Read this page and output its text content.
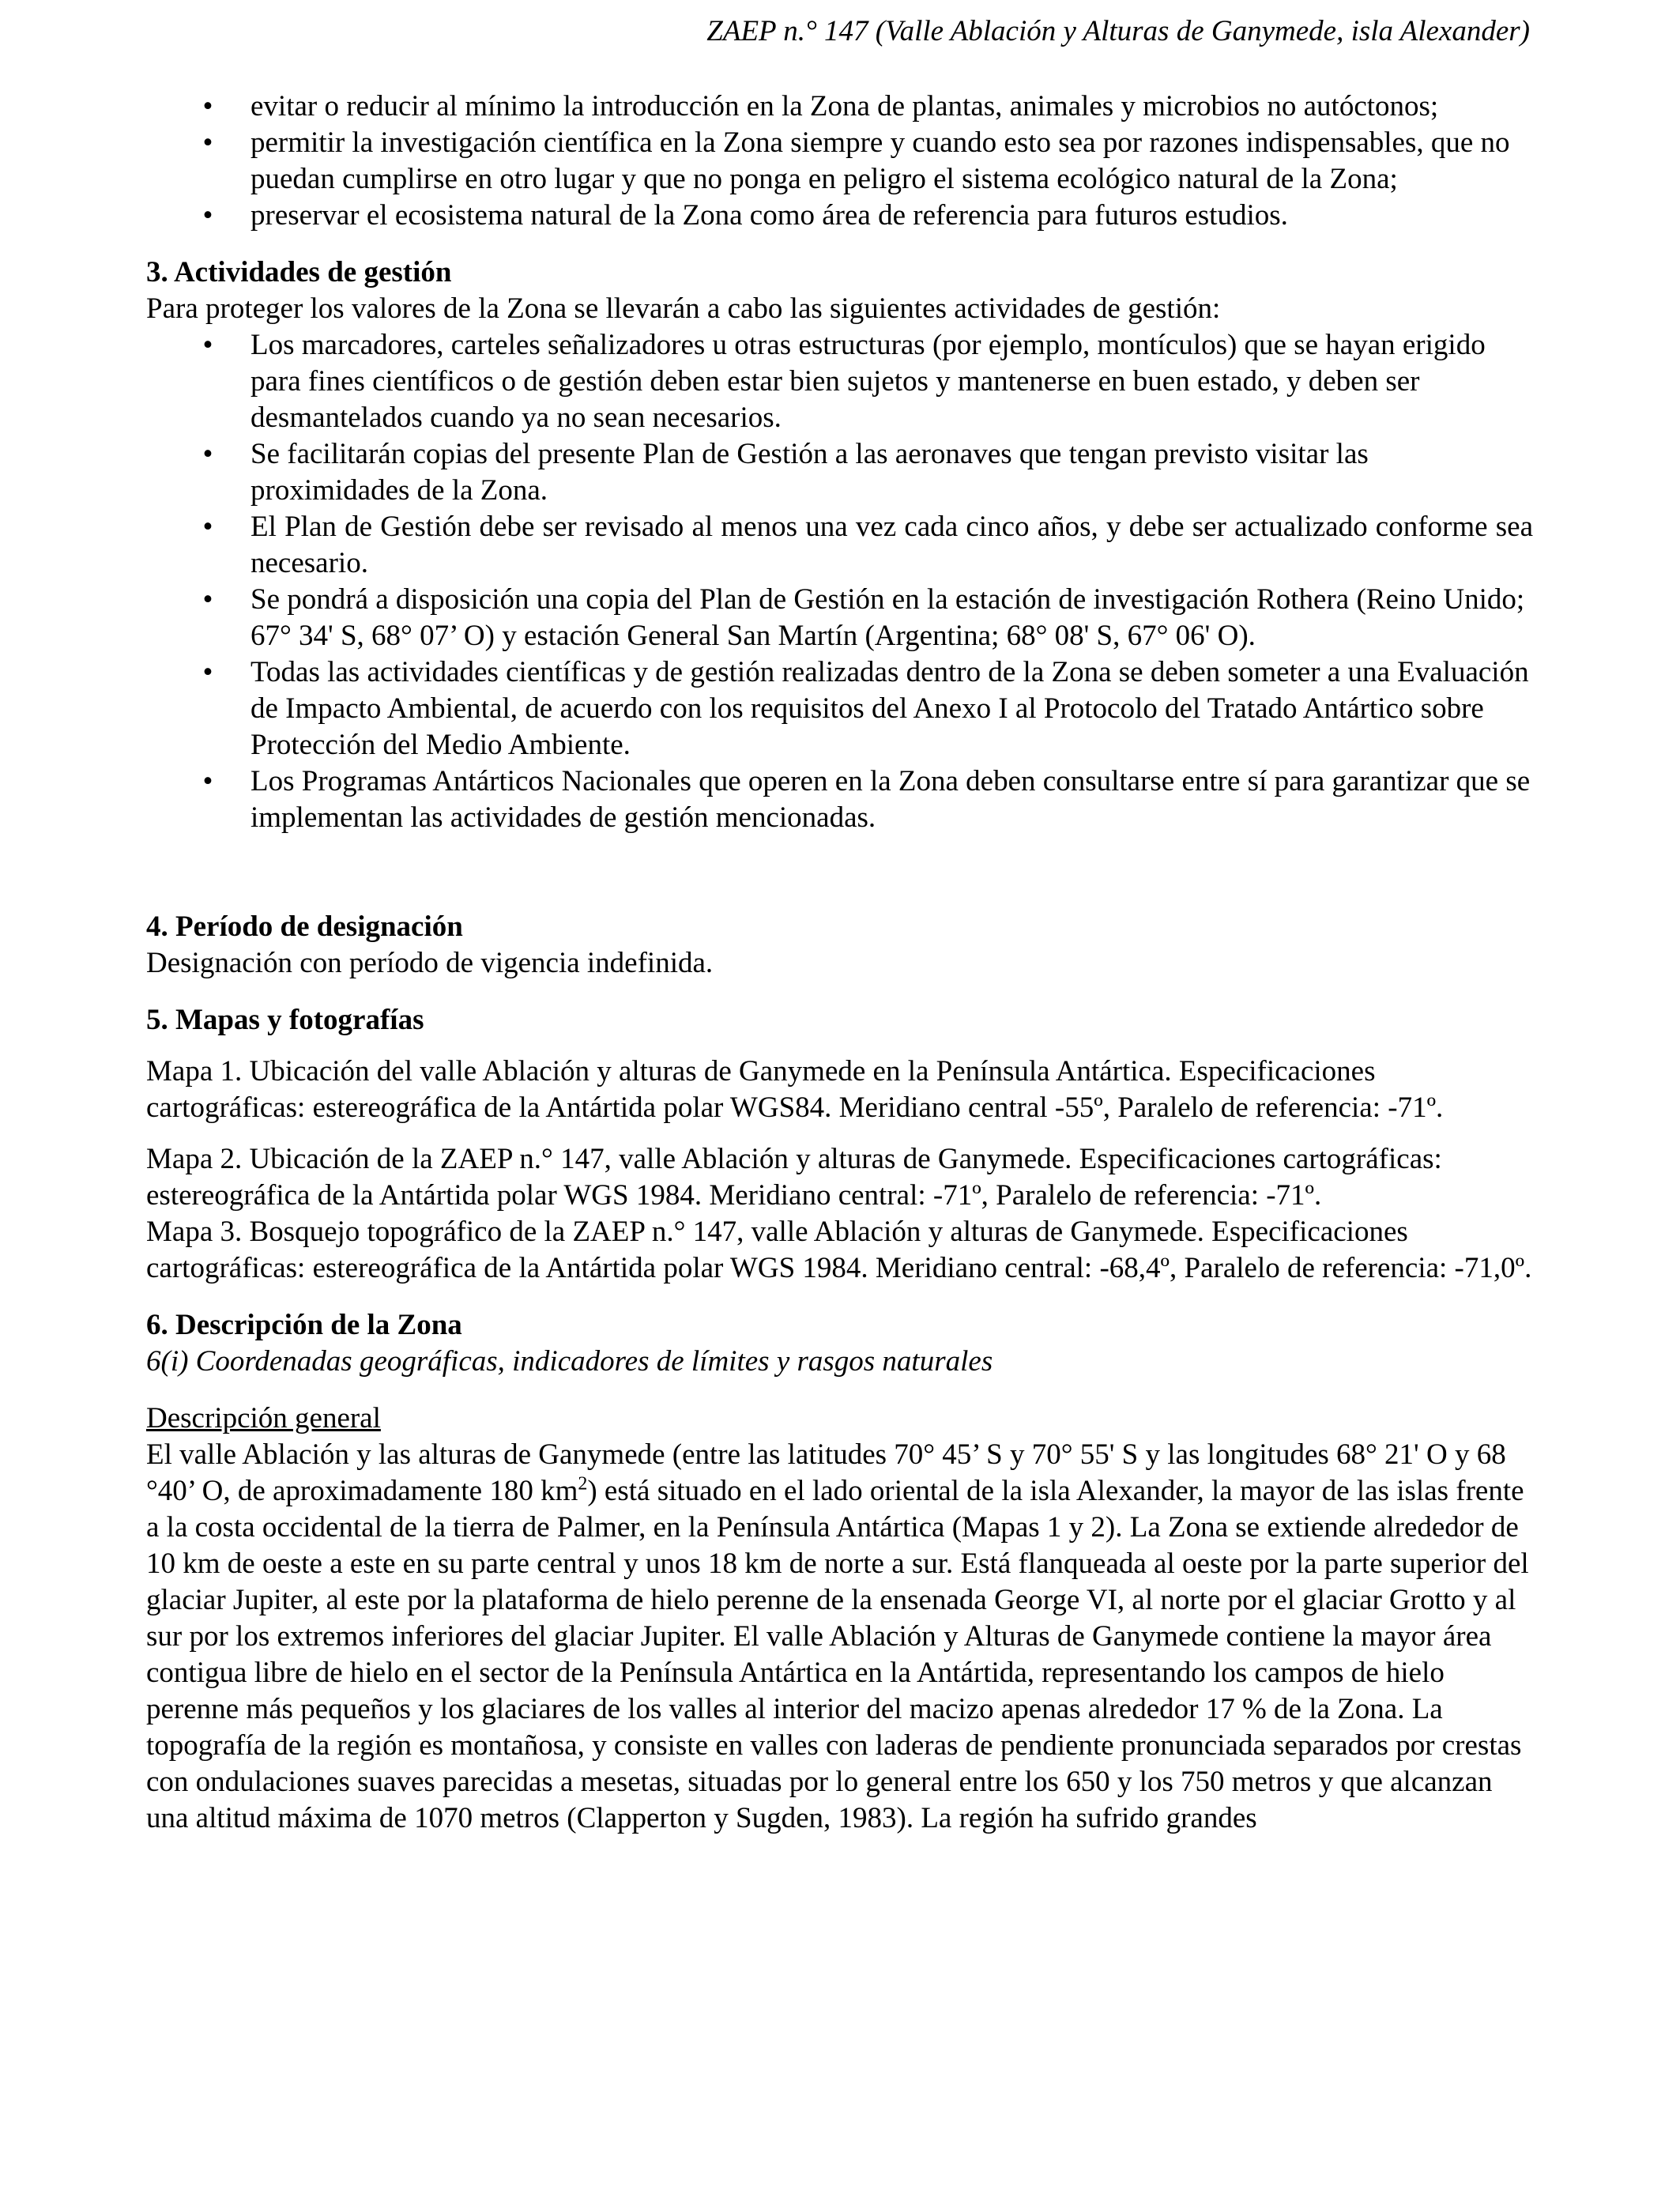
ZAEP n.° 147 (Valle Ablación y Alturas de Ganymede, isla Alexander)
• evitar o reducir al mínimo la introducción en la Zona de plantas, animales y microbios no autóctonos;
• permitir la investigación científica en la Zona siempre y cuando esto sea por razones indispensables, que no puedan cumplirse en otro lugar y que no ponga en peligro el sistema ecológico natural de la Zona;
• preservar el ecosistema natural de la Zona como área de referencia para futuros estudios.

3. Actividades de gestión

Para proteger los valores de la Zona se llevarán a cabo las siguientes actividades de gestión:

• Los marcadores, carteles señalizadores u otras estructuras (por ejemplo, montículos) que se hayan erigido para fines científicos o de gestión deben estar bien sujetos y mantenerse en buen estado, y deben ser desmantelados cuando ya no sean necesarios.
• Se facilitarán copias del presente Plan de Gestión a las aeronaves que tengan previsto visitar las proximidades de la Zona.
• El Plan de Gestión debe ser revisado al menos una vez cada cinco años, y debe ser actualizado conforme sea necesario.
• Se pondrá a disposición una copia del Plan de Gestión en la estación de investigación Rothera (Reino Unido; 67° 34' S, 68° 07’ O) y estación General San Martín (Argentina; 68° 08' S, 67° 06' O).
• Todas las actividades científicas y de gestión realizadas dentro de la Zona se deben someter a una Evaluación de Impacto Ambiental, de acuerdo con los requisitos del Anexo I al Protocolo del Tratado Antártico sobre Protección del Medio Ambiente.
• Los Programas Antárticos Nacionales que operen en la Zona deben consultarse entre sí para garantizar que se implementan las actividades de gestión mencionadas.

4. Período de designación

Designación con período de vigencia indefinida.

5. Mapas y fotografías

Mapa 1. Ubicación del valle Ablación y alturas de Ganymede en la Península Antártica. Especificaciones cartográficas: estereográfica de la Antártida polar WGS84. Meridiano central -55º, Paralelo de referencia: -71º.

Mapa 2. Ubicación de la ZAEP n.° 147, valle Ablación y alturas de Ganymede. Especificaciones cartográficas: estereográfica de la Antártida polar WGS 1984. Meridiano central: -71º, Paralelo de referencia: -71º.

Mapa 3. Bosquejo topográfico de la ZAEP n.° 147, valle Ablación y alturas de Ganymede. Especificaciones cartográficas: estereográfica de la Antártida polar WGS 1984. Meridiano central: -68,4º, Paralelo de referencia: -71,0º.

6. Descripción de la Zona

6(i) Coordenadas geográficas, indicadores de límites y rasgos naturales

Descripción general

El valle Ablación y las alturas de Ganymede (entre las latitudes 70° 45’ S y 70° 55' S y las longitudes 68° 21' O y 68 °40’ O, de aproximadamente 180 $km^2$) está situado en el lado oriental de la isla Alexander, la mayor de las islas frente a la costa occidental de la tierra de Palmer, en la Península Antártica (Mapas 1 y 2). La Zona se extiende alrededor de 10 km de oeste a este en su parte central y unos 18 km de norte a sur. Está flanqueada al oeste por la parte superior del glaciar Jupiter, al este por la plataforma de hielo perenne de la ensenada George VI, al norte por el glaciar Grotto y al sur por los extremos inferiores del glaciar Jupiter. El valle Ablación y Alturas de Ganymede contiene la mayor área contigua libre de hielo en el sector de la Península Antártica en la Antártida, representando los campos de hielo perenne más pequeños y los glaciares de los valles al interior del macizo apenas alrededor 17 % de la Zona. La topografía de la región es montañosa, y consiste en valles con laderas de pendiente pronunciada separados por crestas con ondulaciones suaves parecidas a mesetas, situadas por lo general entre los 650 y los 750 metros y que alcanzan una altitud máxima de 1070 metros (Clapperton y Sugden, 1983). La región ha sufrido grandes
